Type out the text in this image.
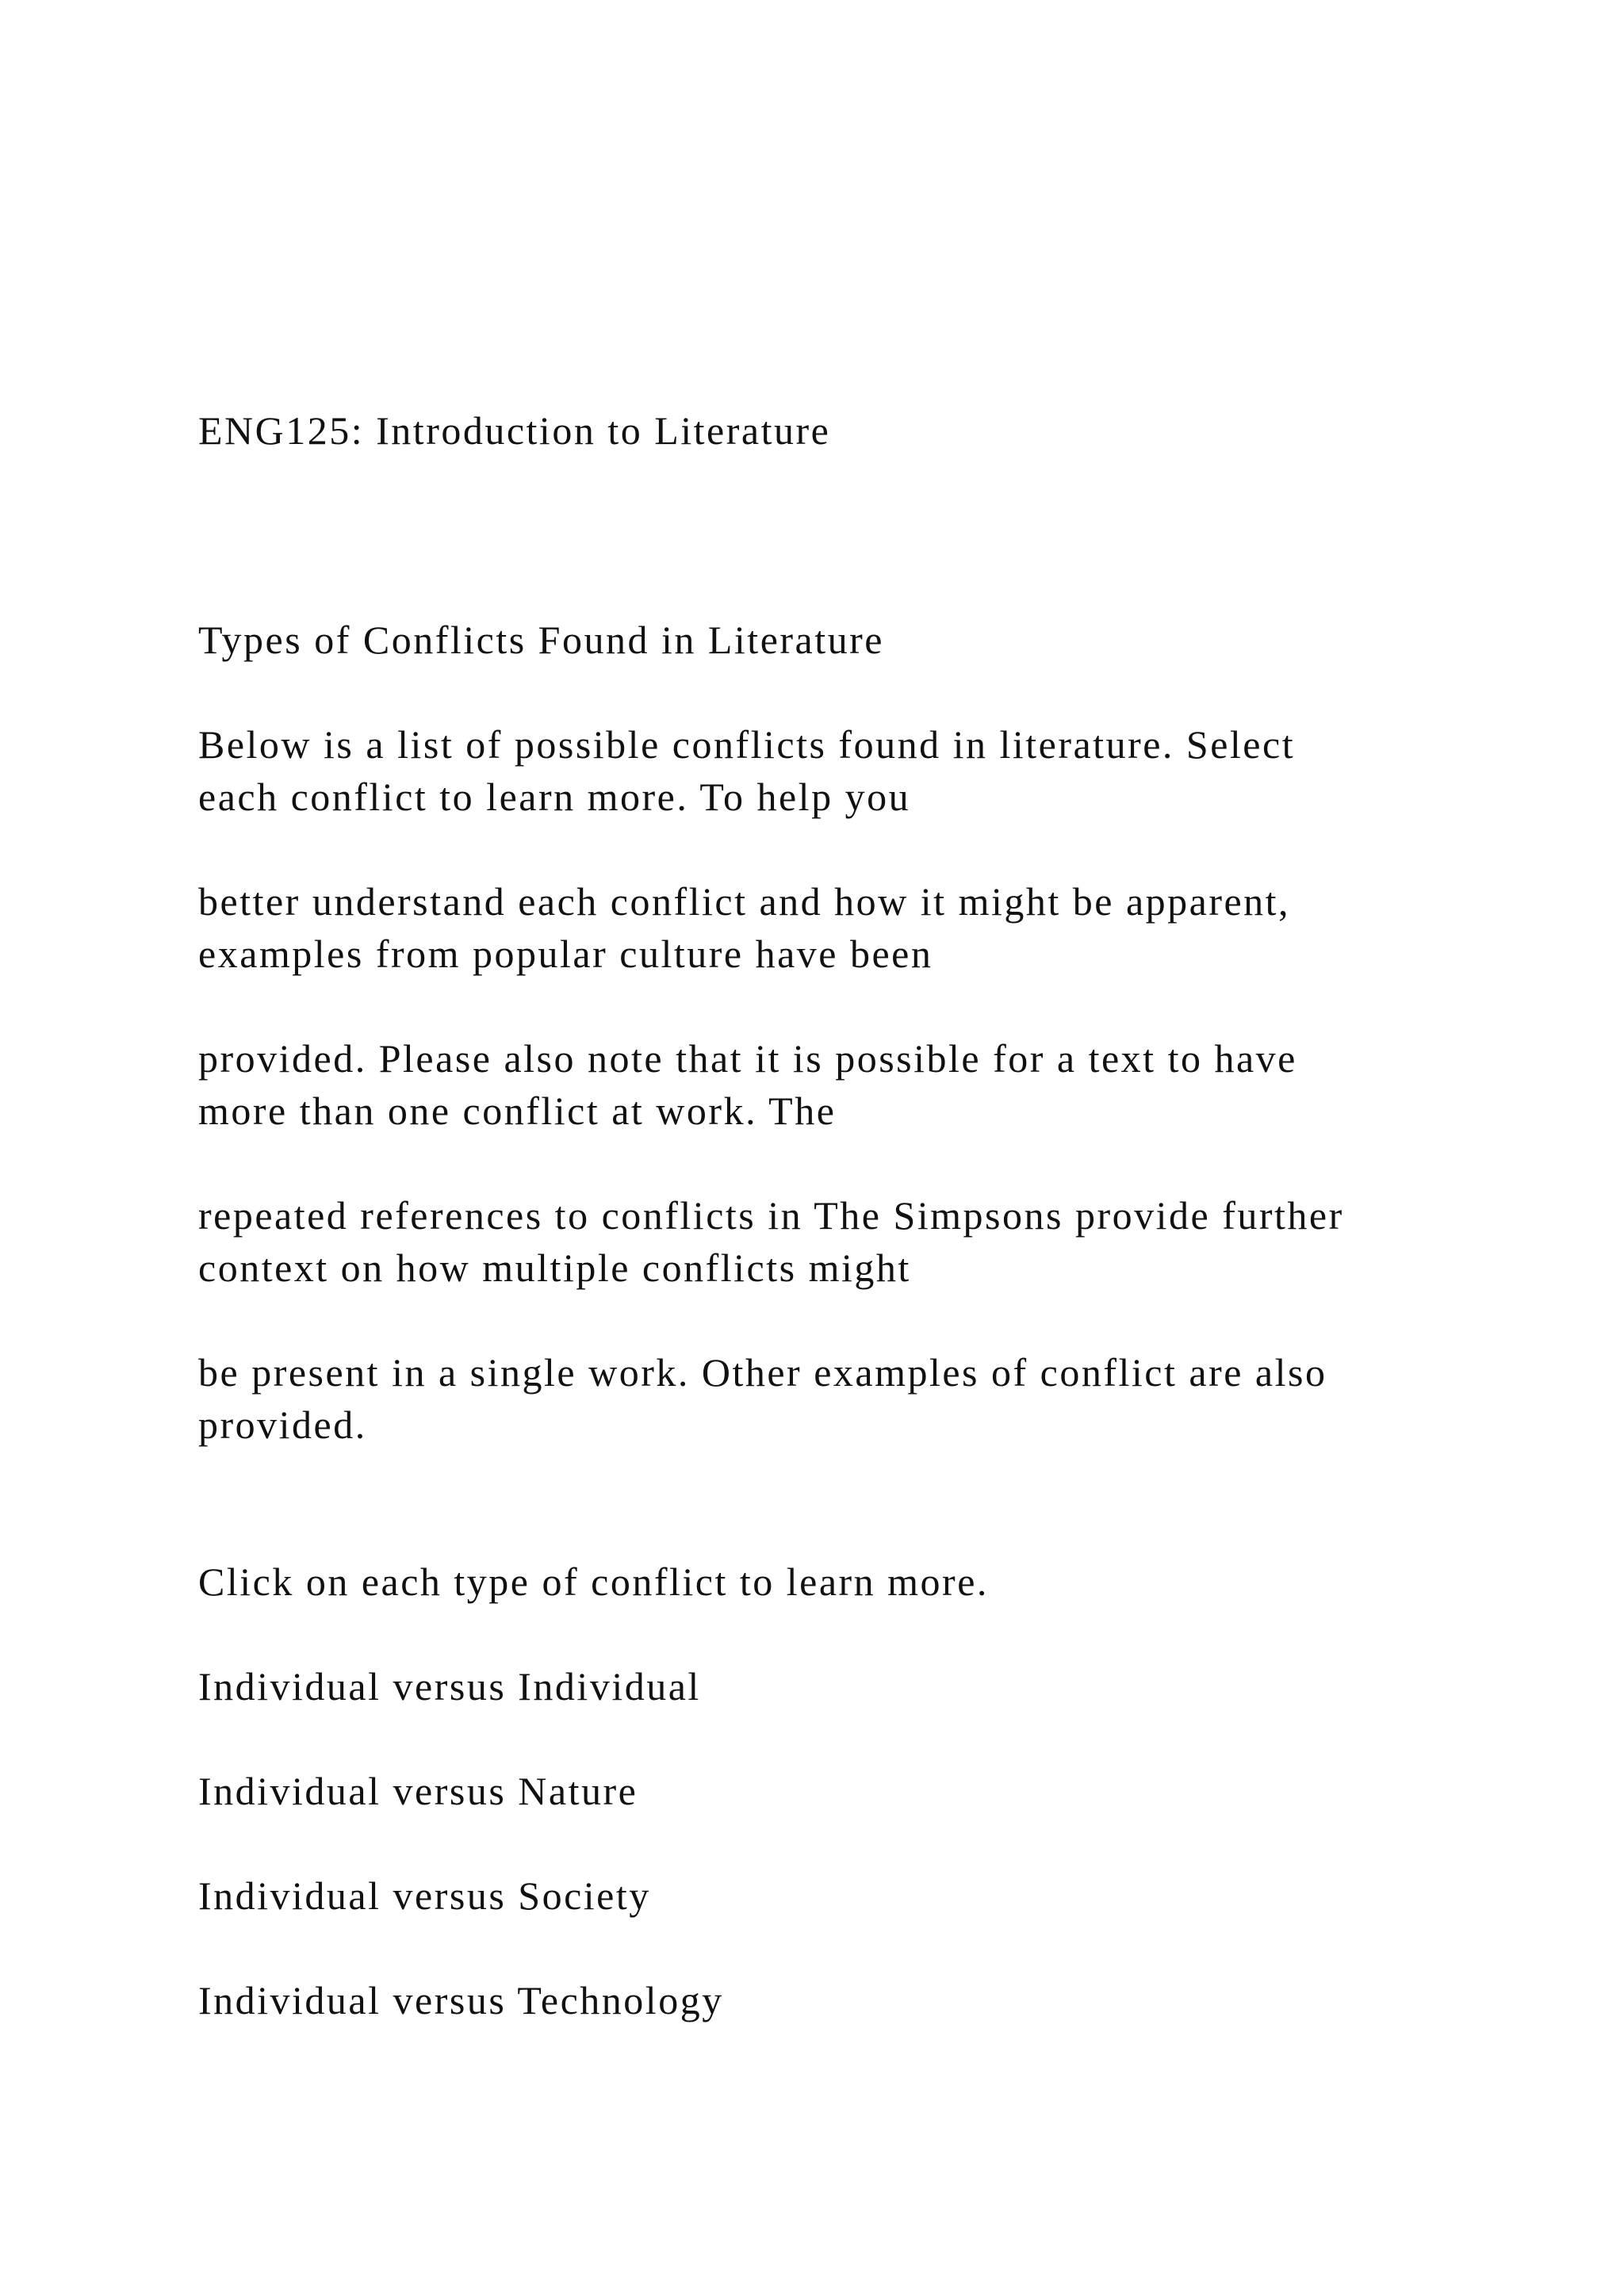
ENG125: Introduction to Literature
Types of Conflicts Found in Literature

Below is a list of possible conflicts found in literature. Select

each conflict to learn more. To help you

better understand each conflict and how it might be apparent,

examples from popular culture have been

provided. Please also note that it is possible for a text to have

more than one conflict at work. The

repeated references to conflicts in The Simpsons provide further

context on how multiple conflicts might

be present in a single work. Other examples of conflict are also

provided.

Click on each type of conflict to learn more.

Individual versus Individual
Individual versus Nature
Individual versus Society
Individual versus Technology
